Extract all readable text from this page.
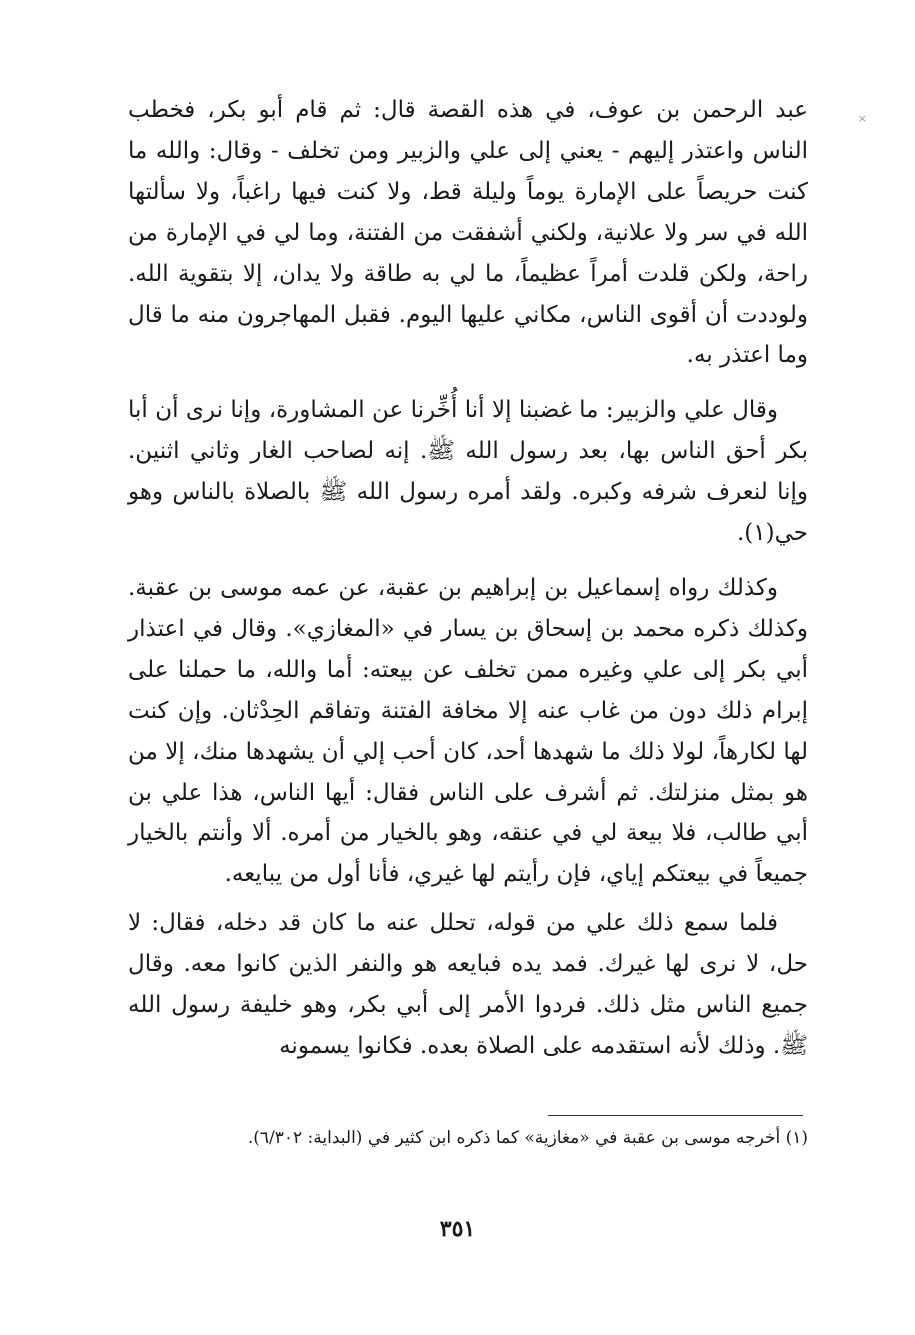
×

عبد الرحمن بن عوف، في هذه القصة قال: ثم قام أبو بكر، فخطب الناس واعتذر إليهم - يعني إلى علي والزبير ومن تخلف - وقال: والله ما كنت حريصاً على الإمارة يوماً وليلة قط، ولا كنت فيها راغباً، ولا سألتها الله في سر ولا علانية، ولكني أشفقت من الفتنة، وما لي في الإمارة من راحة، ولكن قلدت أمراً عظيماً، ما لي به طاقة ولا يدان، إلا بتقوية الله. ولوددت أن أقوى الناس، مكاني عليها اليوم. فقبل المهاجرون منه ما قال وما اعتذر به.

وقال علي والزبير: ما غضبنا إلا أنا أُخِّرنا عن المشاورة، وإنا نرى أن أبا بكر أحق الناس بها، بعد رسول الله ﷺ. إنه لصاحب الغار وثاني اثنين. وإنا لنعرف شرفه وكبره. ولقد أمره رسول الله ﷺ بالصلاة بالناس وهو حي(١).

وكذلك رواه إسماعيل بن إبراهيم بن عقبة، عن عمه موسى بن عقبة. وكذلك ذكره محمد بن إسحاق بن يسار في «المغازي». وقال في اعتذار أبي بكر إلى علي وغيره ممن تخلف عن بيعته: أما والله، ما حملنا على إبرام ذلك دون من غاب عنه إلا مخافة الفتنة وتفاقم الحِدْثان. وإن كنت لها لكارهاً، لولا ذلك ما شهدها أحد، كان أحب إلي أن يشهدها منك، إلا من هو بمثل منزلتك. ثم أشرف على الناس فقال: أيها الناس، هذا علي بن أبي طالب، فلا بيعة لي في عنقه، وهو بالخيار من أمره. ألا وأنتم بالخيار جميعاً في بيعتكم إياي، فإن رأيتم لها غيري، فأنا أول من يبايعه.

فلما سمع ذلك علي من قوله، تحلل عنه ما كان قد دخله، فقال: لا حل، لا نرى لها غيرك. فمد يده فبايعه هو والنفر الذين كانوا معه. وقال جميع الناس مثل ذلك. فردوا الأمر إلى أبي بكر، وهو خليفة رسول الله ﷺ. وذلك لأنه استقدمه على الصلاة بعده. فكانوا يسمونه

(١) أخرجه موسى بن عقبة في «مغازية» كما ذكره ابن كثير في (البداية: ٦/٣٠٢).
٣٥١
